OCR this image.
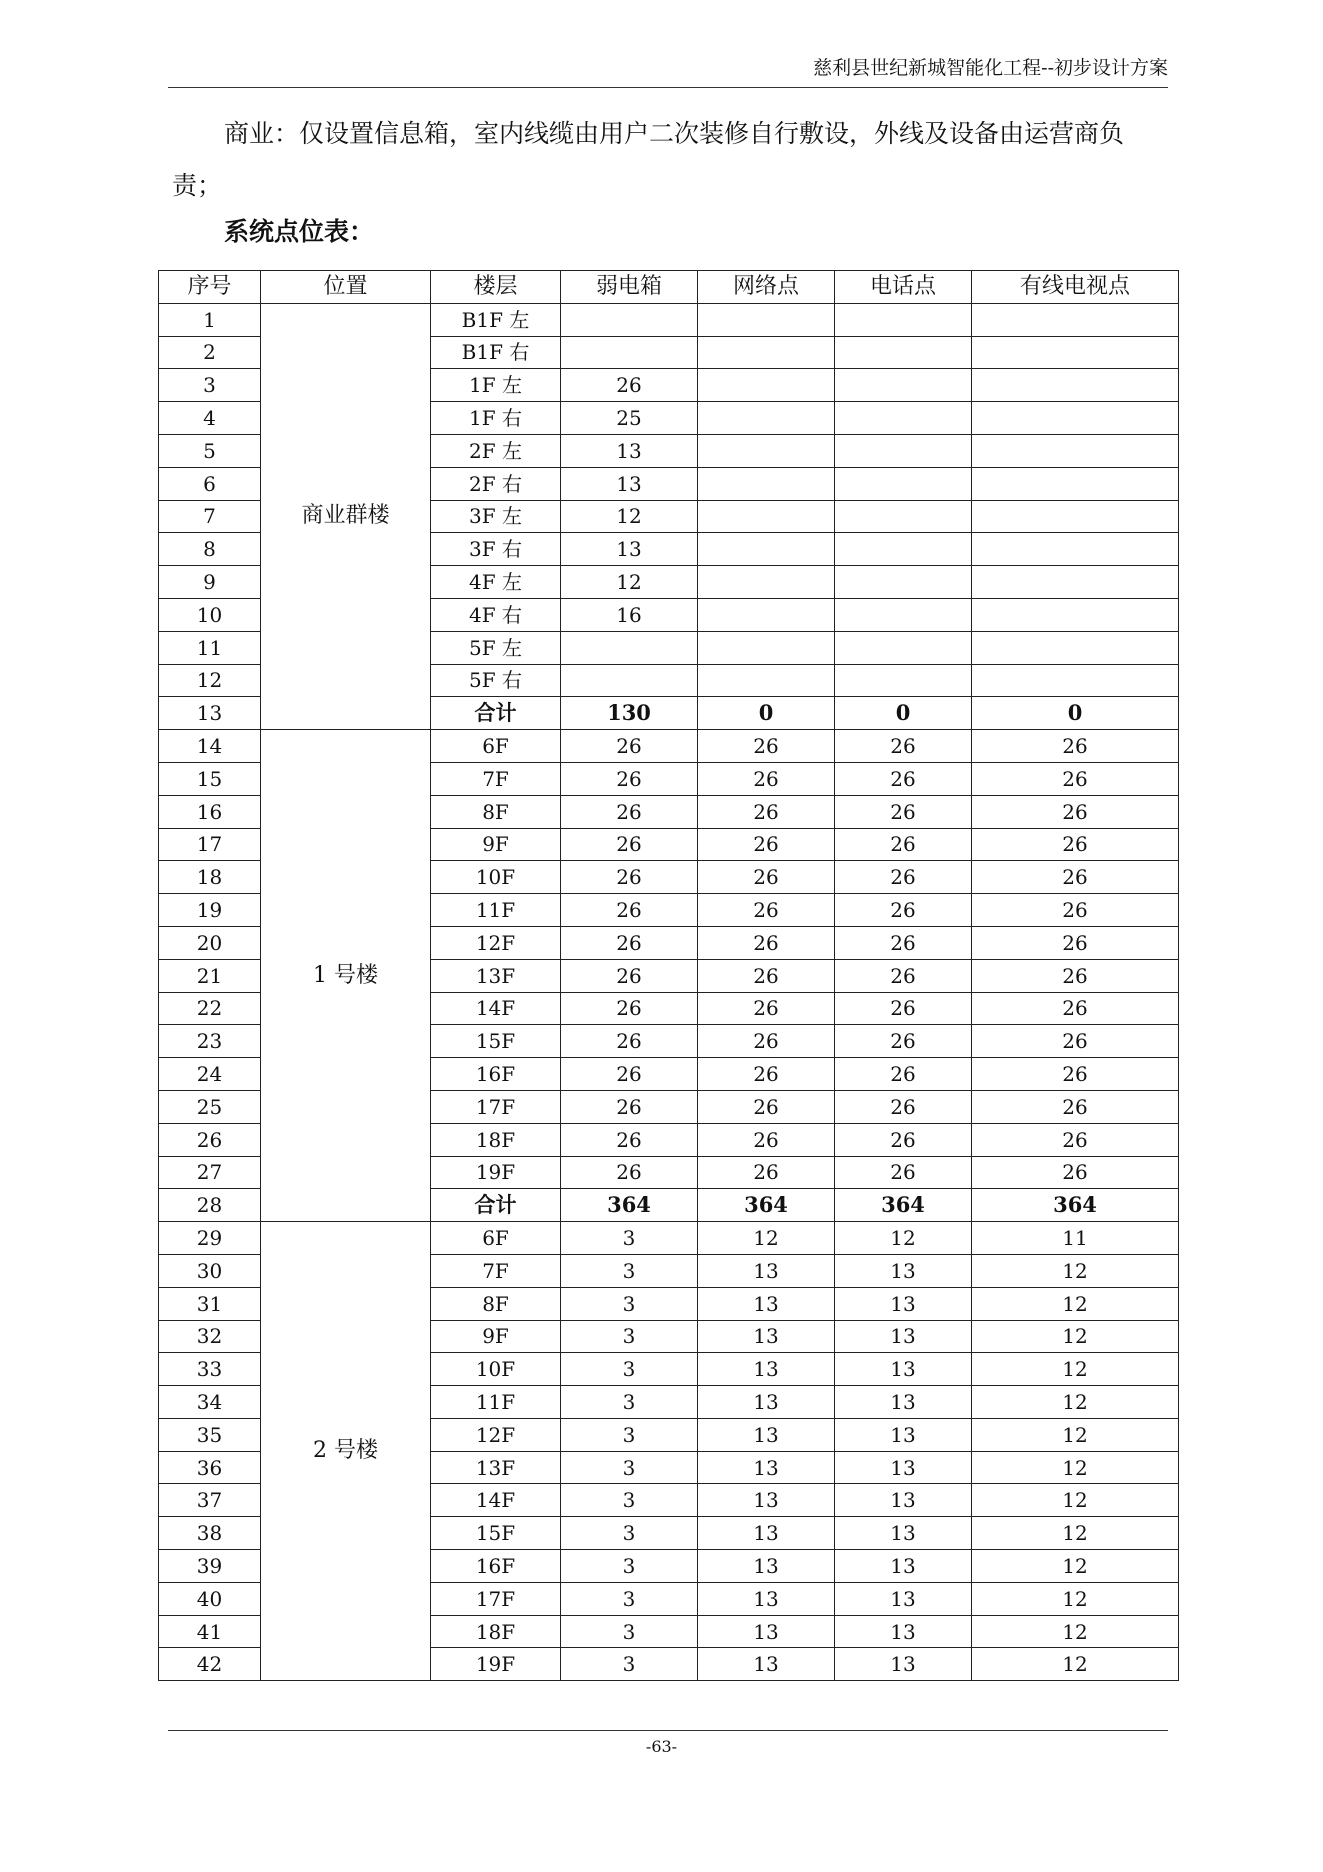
慈利县世纪新城智能化工程--初步设计方案

商业：仅设置信息箱，室内线缆由用户二次装修自行敷设，外线及设备由运营商负责；

系统点位表：
序号	位置	楼层	弱电箱	网络点	电话点	有线电视点
1	商业群楼	B1F 左				
2		B1F 右				
3		1F 左	26			
4		1F 右	25			
5		2F 左	13			
6		2F 右	13			
7		3F 左	12			
8		3F 右	13			
9		4F 左	12			
10		4F 右	16			
11		5F 左				
12		5F 右				
13		合计	130	0	0	0
14	1 号楼	6F	26	26	26	26
15		7F	26	26	26	26
16		8F	26	26	26	26
17		9F	26	26	26	26
18		10F	26	26	26	26
19		11F	26	26	26	26
20		12F	26	26	26	26
21		13F	26	26	26	26
22		14F	26	26	26	26
23		15F	26	26	26	26
24		16F	26	26	26	26
25		17F	26	26	26	26
26		18F	26	26	26	26
27		19F	26	26	26	26
28		合计	364	364	364	364
29	2 号楼	6F	3	12	12	11
30		7F	3	13	13	12
31		8F	3	13	13	12
32		9F	3	13	13	12
33		10F	3	13	13	12
34		11F	3	13	13	12
35		12F	3	13	13	12
36		13F	3	13	13	12
37		14F	3	13	13	12
38		15F	3	13	13	12
39		16F	3	13	13	12
40		17F	3	13	13	12
41		18F	3	13	13	12
42		19F	3	13	13	12
-63-
